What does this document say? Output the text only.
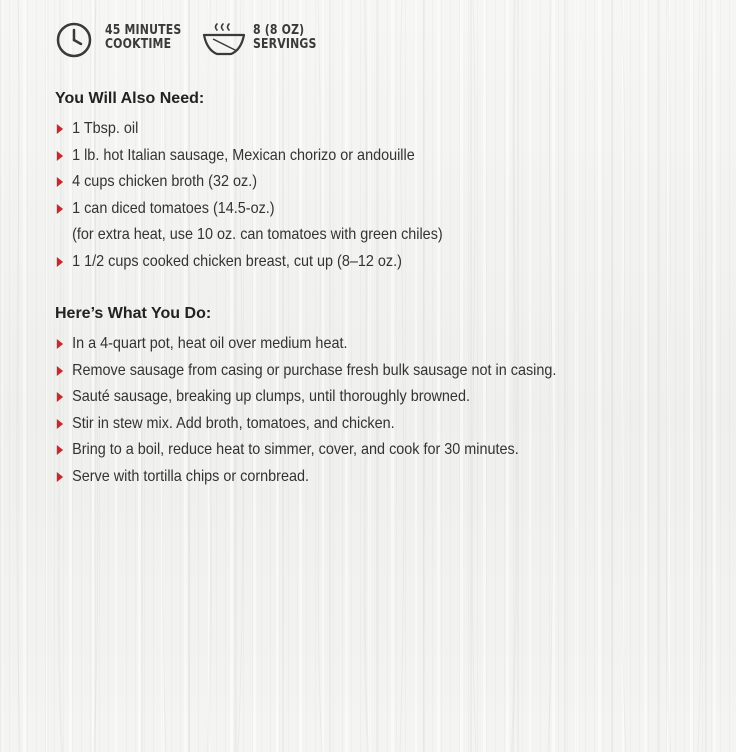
45 MINUTES
COOKTIME
8 (8 OZ)
SERVINGS
You Will Also Need:
1 Tbsp. oil
1 lb. hot Italian sausage, Mexican chorizo or andouille
4 cups chicken broth (32 oz.)
1 can diced tomatoes (14.5-oz.)
(for extra heat, use 10 oz. can tomatoes with green chiles)
1 1/2 cups cooked chicken breast, cut up (8–12 oz.)
Here’s What You Do:
In a 4-quart pot, heat oil over medium heat.
Remove sausage from casing or purchase fresh bulk sausage not in casing.
Sauté sausage, breaking up clumps, until thoroughly browned.
Stir in stew mix. Add broth, tomatoes, and chicken.
Bring to a boil, reduce heat to simmer, cover, and cook for 30 minutes.
Serve with tortilla chips or cornbread.
